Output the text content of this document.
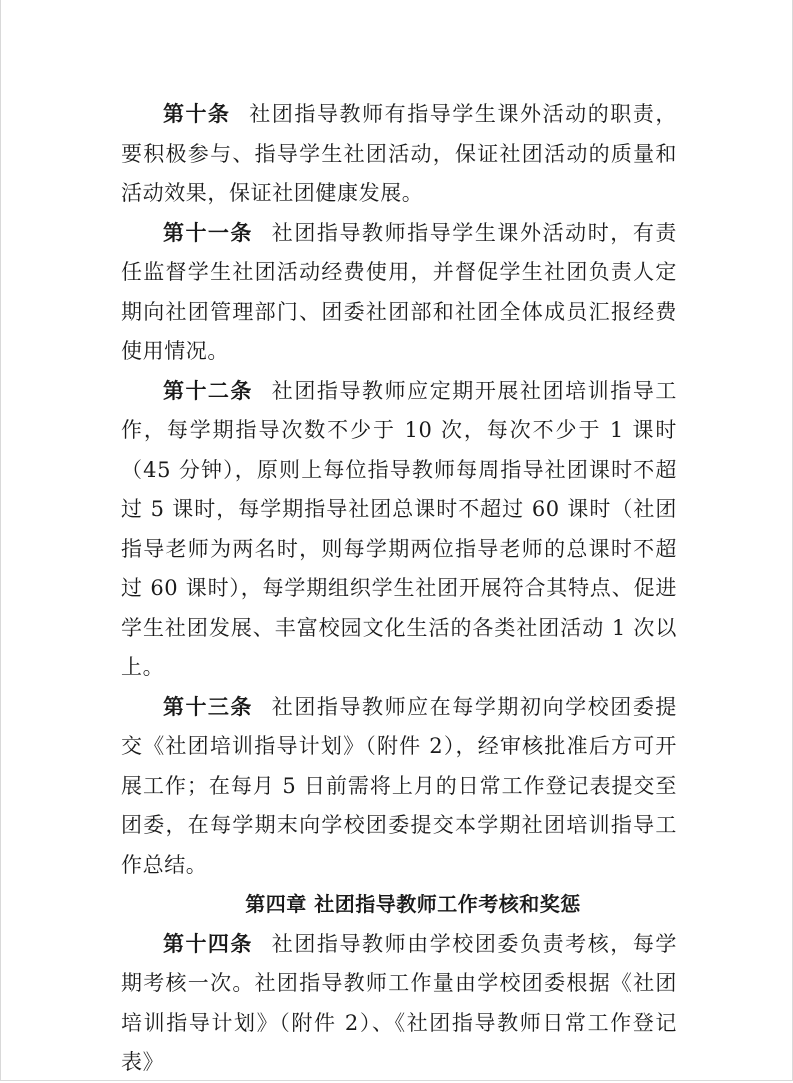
第十条 社团指导教师有指导学生课外活动的职责，要积极参与、指导学生社团活动，保证社团活动的质量和活动效果，保证社团健康发展。

第十一条 社团指导教师指导学生课外活动时，有责任监督学生社团活动经费使用，并督促学生社团负责人定期向社团管理部门、团委社团部和社团全体成员汇报经费使用情况。

第十二条 社团指导教师应定期开展社团培训指导工作，每学期指导次数不少于 10 次，每次不少于 1 课时（45 分钟），原则上每位指导教师每周指导社团课时不超过 5 课时，每学期指导社团总课时不超过 60 课时（社团指导老师为两名时，则每学期两位指导老师的总课时不超过 60 课时），每学期组织学生社团开展符合其特点、促进学生社团发展、丰富校园文化生活的各类社团活动 1 次以上。

第十三条 社团指导教师应在每学期初向学校团委提交《社团培训指导计划》（附件 2），经审核批准后方可开展工作；在每月 5 日前需将上月的日常工作登记表提交至团委，在每学期末向学校团委提交本学期社团培训指导工作总结。

第四章 社团指导教师工作考核和奖惩

第十四条 社团指导教师由学校团委负责考核，每学期考核一次。社团指导教师工作量由学校团委根据《社团培训指导计划》（附件 2）、《社团指导教师日常工作登记表》
